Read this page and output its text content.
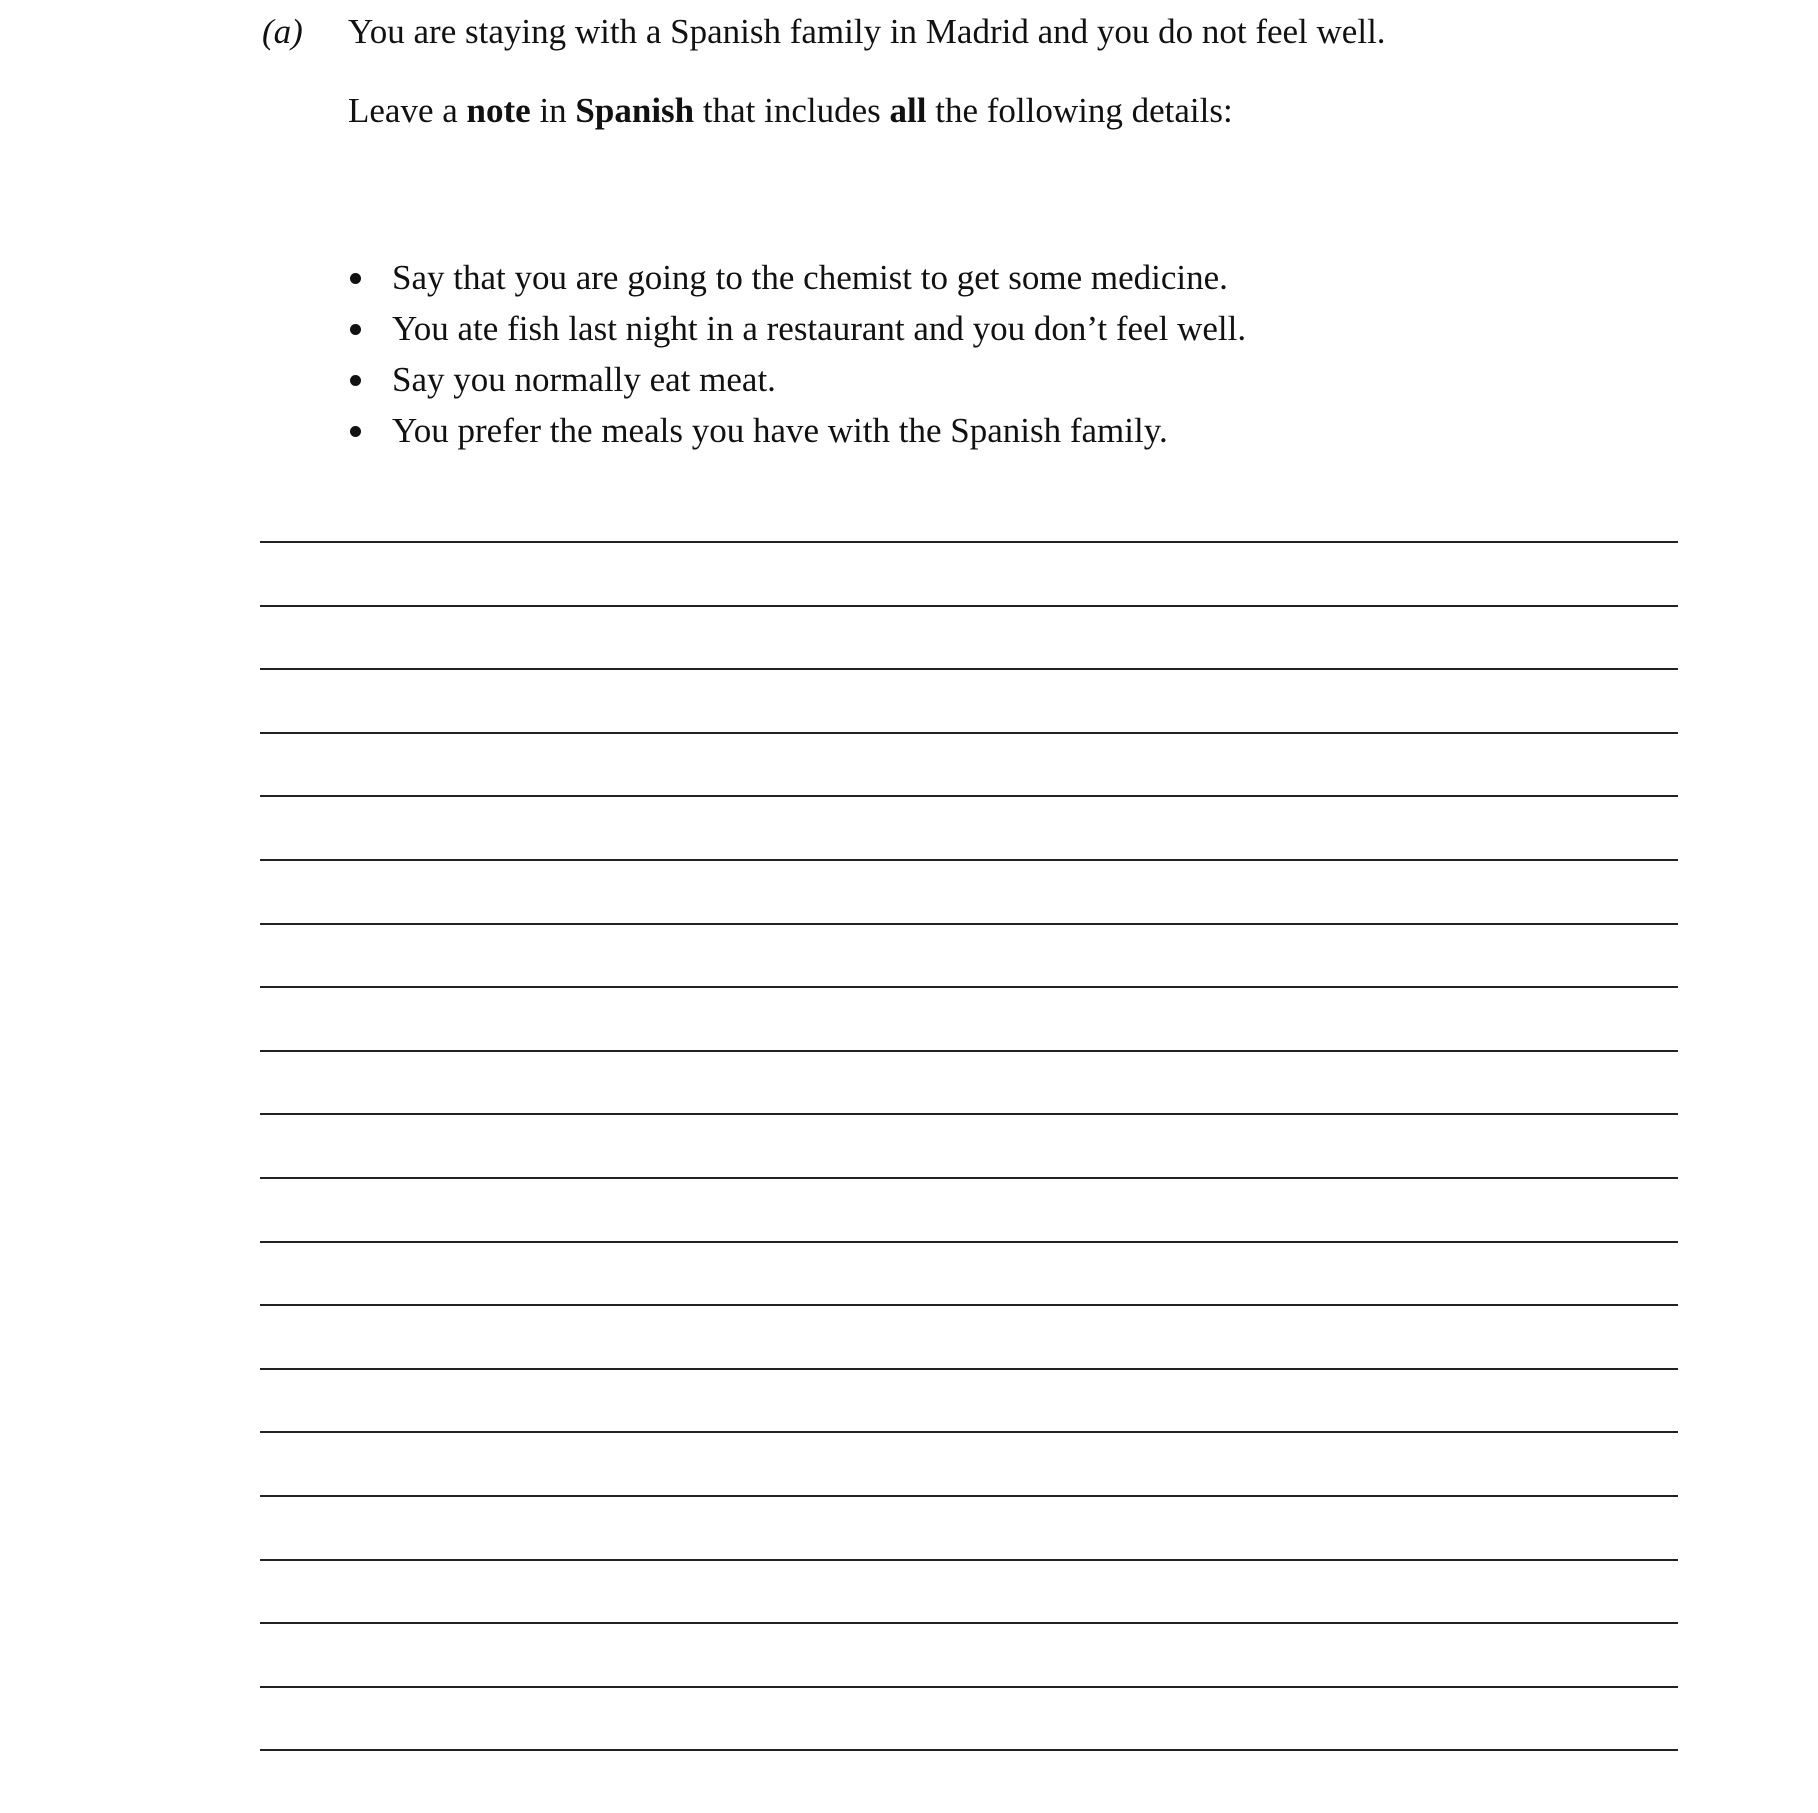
(a) You are staying with a Spanish family in Madrid and you do not feel well.
Leave a note in Spanish that includes all the following details:
Say that you are going to the chemist to get some medicine.
You ate fish last night in a restaurant and you don’t feel well.
Say you normally eat meat.
You prefer the meals you have with the Spanish family.
